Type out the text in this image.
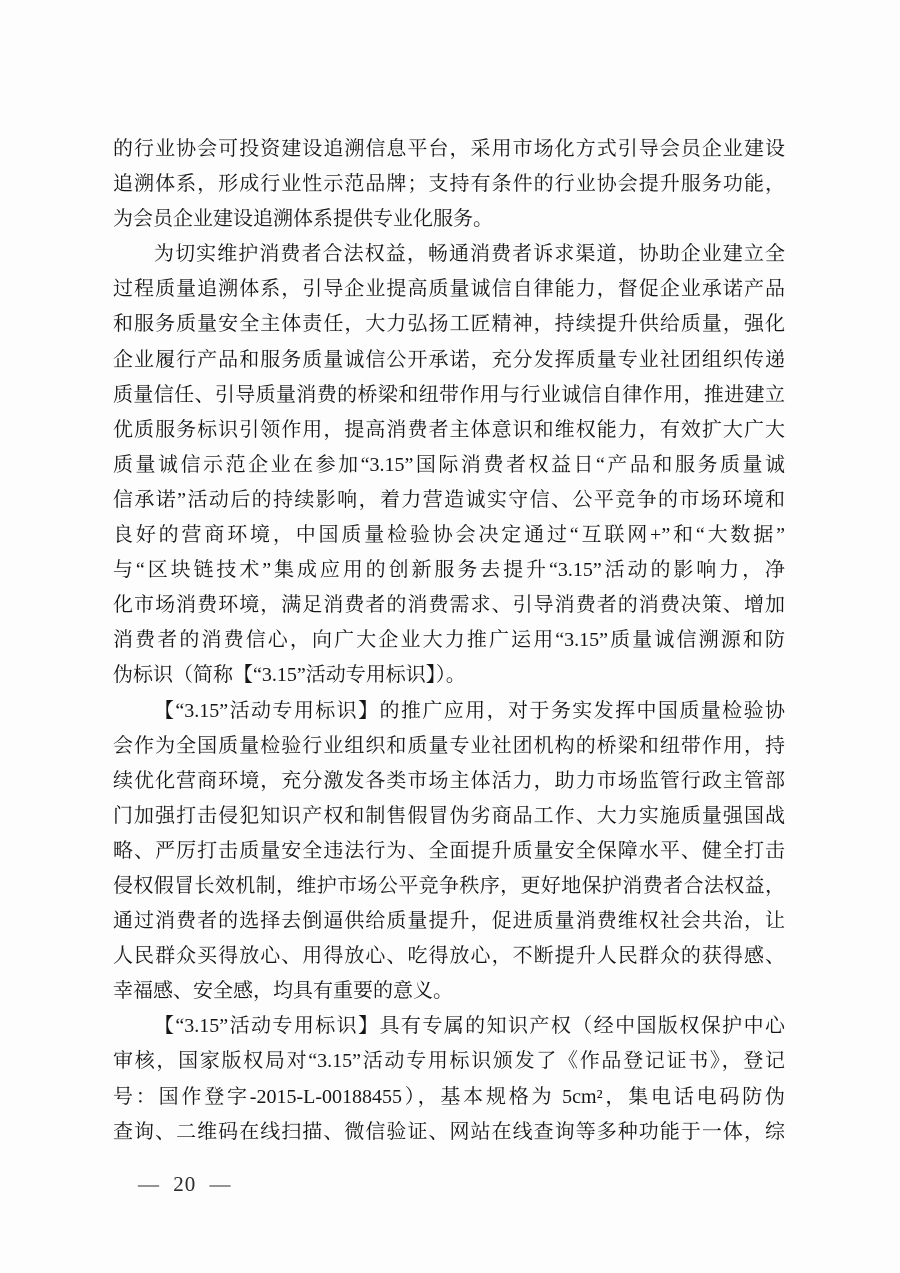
的行业协会可投资建设追溯信息平台，采用市场化方式引导会员企业建设
追溯体系，形成行业性示范品牌；支持有条件的行业协会提升服务功能，
为会员企业建设追溯体系提供专业化服务。
为切实维护消费者合法权益，畅通消费者诉求渠道，协助企业建立全
过程质量追溯体系，引导企业提高质量诚信自律能力，督促企业承诺产品
和服务质量安全主体责任，大力弘扬工匠精神，持续提升供给质量，强化
企业履行产品和服务质量诚信公开承诺，充分发挥质量专业社团组织传递
质量信任、引导质量消费的桥梁和纽带作用与行业诚信自律作用，推进建立
优质服务标识引领作用，提高消费者主体意识和维权能力，有效扩大广大
质量诚信示范企业在参加“3.15”国际消费者权益日“产品和服务质量诚
信承诺”活动后的持续影响，着力营造诚实守信、公平竞争的市场环境和
良好的营商环境，中国质量检验协会决定通过“互联网+”和“大数据”
与“区块链技术”集成应用的创新服务去提升“3.15”活动的影响力，净
化市场消费环境，满足消费者的消费需求、引导消费者的消费决策、增加
消费者的消费信心，向广大企业大力推广运用“3.15”质量诚信溯源和防
伪标识（简称【“3.15”活动专用标识】）。
【“3.15”活动专用标识】的推广应用，对于务实发挥中国质量检验协
会作为全国质量检验行业组织和质量专业社团机构的桥梁和纽带作用，持
续优化营商环境，充分激发各类市场主体活力，助力市场监管行政主管部
门加强打击侵犯知识产权和制售假冒伪劣商品工作、大力实施质量强国战
略、严厉打击质量安全违法行为、全面提升质量安全保障水平、健全打击
侵权假冒长效机制，维护市场公平竞争秩序，更好地保护消费者合法权益，
通过消费者的选择去倒逼供给质量提升，促进质量消费维权社会共治，让
人民群众买得放心、用得放心、吃得放心，不断提升人民群众的获得感、
幸福感、安全感，均具有重要的意义。
【“3.15”活动专用标识】具有专属的知识产权（经中国版权保护中心
审核，国家版权局对“3.15”活动专用标识颁发了《作品登记证书》，登记
号：国作登字-2015-L-00188455），基本规格为 5cm²，集电话电码防伪
查询、二维码在线扫描、微信验证、网站在线查询等多种功能于一体，综
— 20 —
